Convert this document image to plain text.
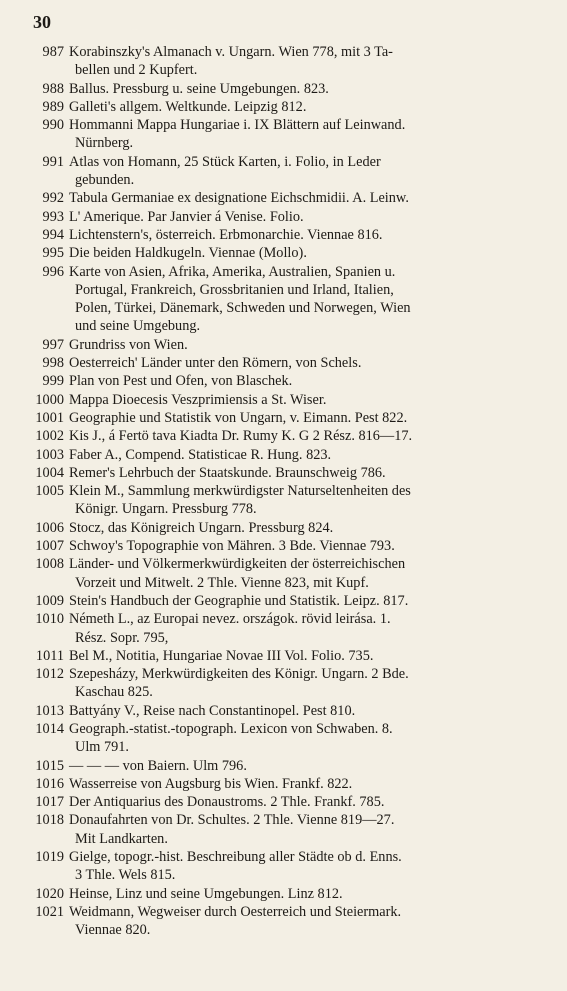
30
987 Korabinszky's Almanach v. Ungarn. Wien 778, mit 3 Ta-
bellen und 2 Kupfert.
988 Ballus. Pressburg u. seine Umgebungen. 823.
989 Galleti's allgem. Weltkunde. Leipzig 812.
990 Hommanni Mappa Hungariae i. IX Blättern auf Leinwand.
Nürnberg.
991 Atlas von Homann, 25 Stück Karten, i. Folio, in Leder
gebunden.
992 Tabula Germaniae ex designatione Eichschmidii. A. Leinw.
993 L' Amerique. Par Janvier á Venise. Folio.
994 Lichtenstern's, österreich. Erbmonarchie. Viennae 816.
995 Die beiden Haldkugeln. Viennae (Mollo).
996 Karte von Asien, Afrika, Amerika, Australien, Spanien u.
Portugal, Frankreich, Grossbritanien und Irland, Italien,
Polen, Türkei, Dänemark, Schweden und Norwegen, Wien
und seine Umgebung.
997 Grundriss von Wien.
998 Oesterreich' Länder unter den Römern, von Schels.
999 Plan von Pest und Ofen, von Blaschek.
1000 Mappa Dioecesis Veszprimiensis a St. Wiser.
1001 Geographie und Statistik von Ungarn, v. Eimann. Pest 822.
1002 Kis J., á Fertö tava Kiadta Dr. Rumy K. G 2 Rész. 816—17.
1003 Faber A., Compend. Statisticae R. Hung. 823.
1004 Remer's Lehrbuch der Staatskunde. Braunschweig 786.
1005 Klein M., Sammlung merkwürdigster Naturseltenheiten des
Königr. Ungarn. Pressburg 778.
1006 Stocz, das Königreich Ungarn. Pressburg 824.
1007 Schwoy's Topographie von Mähren. 3 Bde. Viennae 793.
1008 Länder- und Völkermerkwürdigkeiten der österreichischen
Vorzeit und Mitwelt. 2 Thle. Vienne 823, mit Kupf.
1009 Stein's Handbuch der Geographie und Statistik. Leipz. 817.
1010 Németh L., az Europai nevez. országok. rövid leirása. 1.
Rész. Sopr. 795,
1011 Bel M., Notitia, Hungariae Novae III Vol. Folio. 735.
1012 Szepesházy, Merkwürdigkeiten des Königr. Ungarn. 2 Bde.
Kaschau 825.
1013 Battyány V., Reise nach Constantinopel. Pest 810.
1014 Geograph.-statist.-topograph. Lexicon von Schwaben. 8.
Ulm 791.
1015 — — — von Baiern. Ulm 796.
1016 Wasserreise von Augsburg bis Wien. Frankf. 822.
1017 Der Antiquarius des Donaustroms. 2 Thle. Frankf. 785.
1018 Donaufahrten von Dr. Schultes. 2 Thle. Vienne 819—27.
Mit Landkarten.
1019 Gielge, topogr.-hist. Beschreibung aller Städte ob d. Enns.
3 Thle. Wels 815.
1020 Heinse, Linz und seine Umgebungen. Linz 812.
1021 Weidmann, Wegweiser durch Oesterreich und Steiermark.
Viennae 820.
